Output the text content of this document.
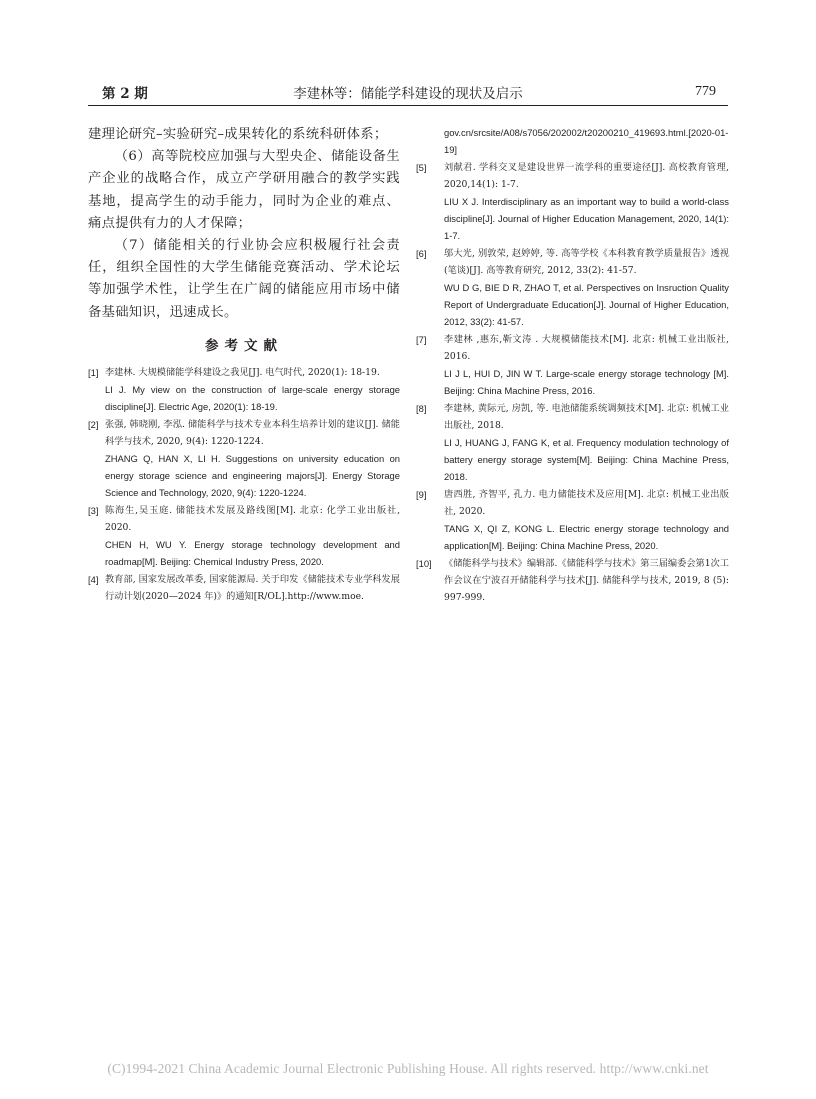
第 2 期	李建林等：储能学科建设的现状及启示	779

建理论研究–实验研究–成果转化的系统科研体系；

（6）高等院校应加强与大型央企、储能设备生产企业的战略合作，成立产学研用融合的教学实践基地，提高学生的动手能力，同时为企业的难点、痛点提供有力的人才保障；

（7）储能相关的行业协会应积极履行社会责任，组织全国性的大学生储能竞赛活动、学术论坛等加强学术性，让学生在广阔的储能应用市场中储备基础知识，迅速成长。

参考文献
[1] 李建林. 大规模储能学科建设之我见[J]. 电气时代, 2020(1): 18-19.
LI J. My view on the construction of large-scale energy storage discipline[J]. Electric Age, 2020(1): 18-19.
[2] 张强, 韩晓刚, 李泓. 储能科学与技术专业本科生培养计划的建议[J]. 储能科学与技术, 2020, 9(4): 1220-1224.
ZHANG Q, HAN X, LI H. Suggestions on university education on energy storage science and engineering majors[J]. Energy Storage Science and Technology, 2020, 9(4): 1220-1224.
[3] 陈海生,吴玉庭. 储能技术发展及路线图[M]. 北京: 化学工业出版社, 2020.
CHEN H, WU Y. Energy storage technology development and roadmap[M]. Beijing: Chemical Industry Press, 2020.
[4] 教育部, 国家发展改革委, 国家能源局. 关于印发《储能技术专业学科发展行动计划(2020—2024 年)》的通知[R/OL].http://www.moe.
gov.cn/srcsite/A08/s7056/202002/t20200210_419693.html.[2020-01-19]
[5] 刘献君. 学科交叉是建设世界一流学科的重要途径[J]. 高校教育管理, 2020,14(1): 1-7.
LIU X J. Interdisciplinary as an important way to build a world-class discipline[J]. Journal of Higher Education Management, 2020, 14(1): 1-7.
[6] 邬大光, 别敦荣, 赵婷婷, 等. 高等学校《本科教育教学质量报告》透视 (笔谈)[J]. 高等教育研究, 2012, 33(2): 41-57.
WU D G, BIE D R, ZHAO T, et al. Perspectives on Insruction Quality Report of Undergraduate Education[J]. Journal of Higher Education, 2012, 33(2): 41-57.
[7] 李建林 ,惠东,靳文涛 . 大规模储能技术[M]. 北京: 机械工业出版社, 2016.
LI J L, HUI D, JIN W T. Large-scale energy storage technology [M]. Beijing: China Machine Press, 2016.
[8] 李建林, 黄际元, 房凯, 等. 电池储能系统调频技术[M]. 北京: 机械工业出版社, 2018.
LI J, HUANG J, FANG K, et al. Frequency modulation technology of battery energy storage system[M]. Beijing: China Machine Press, 2018.
[9] 唐西胜, 齐智平, 孔力. 电力储能技术及应用[M]. 北京: 机械工业出版社, 2020.
TANG X, QI Z, KONG L. Electric energy storage technology and application[M]. Beijing: China Machine Press, 2020.
[10] 《储能科学与技术》编辑部.《储能科学与技术》第三届编委会第1次工作会议在宁波召开储能科学与技术[J]. 储能科学与技术, 2019, 8 (5): 997-999.
(C)1994-2021 China Academic Journal Electronic Publishing House. All rights reserved. http://www.cnki.net
